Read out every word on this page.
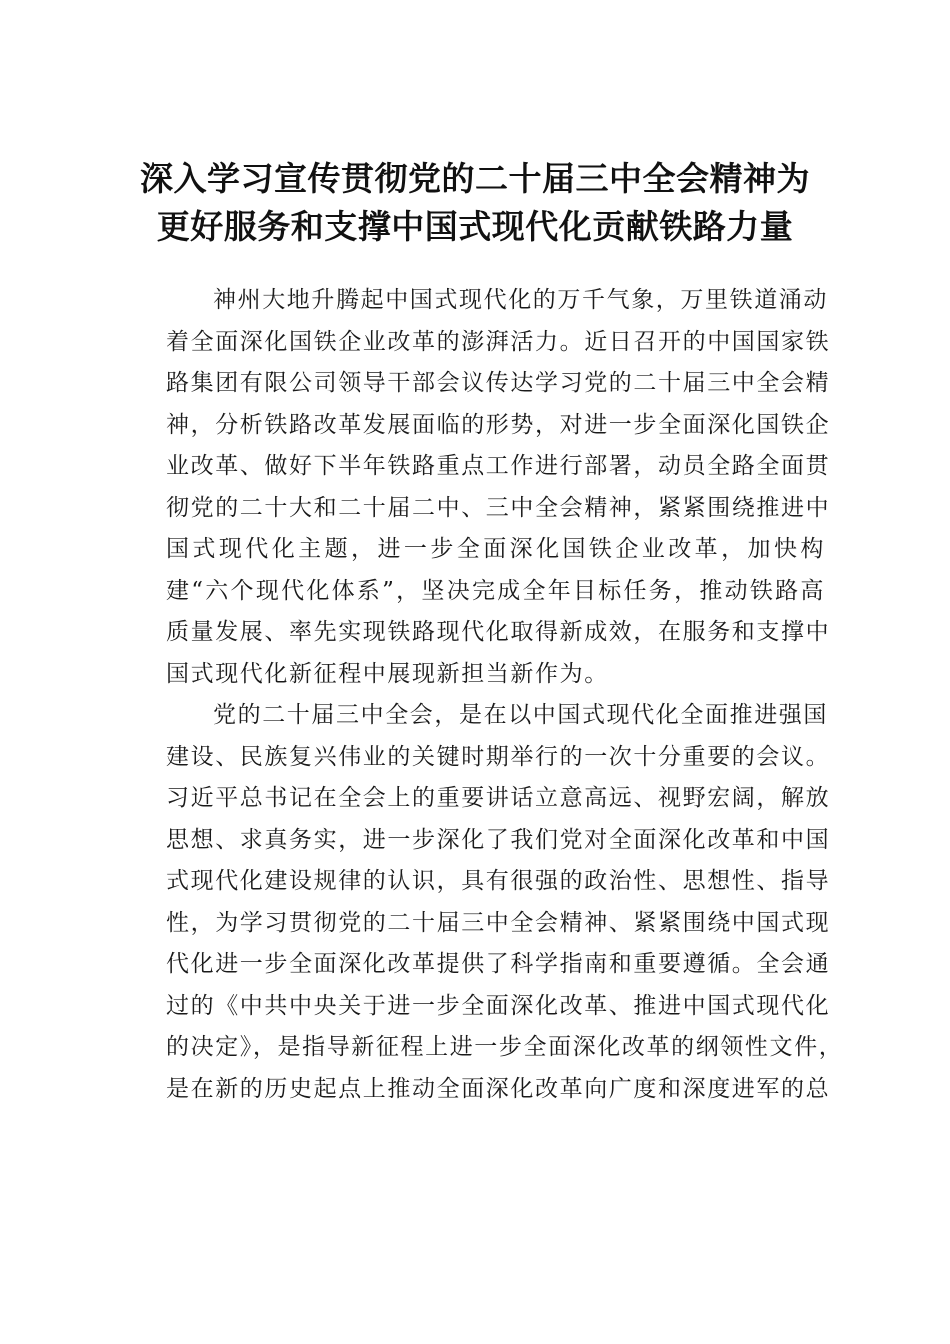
深入学习宣传贯彻党的二十届三中全会精神为
更好服务和支撑中国式现代化贡献铁路力量
神州大地升腾起中国式现代化的万千气象，万里铁道涌动
着全面深化国铁企业改革的澎湃活力。近日召开的中国国家铁
路集团有限公司领导干部会议传达学习党的二十届三中全会精
神，分析铁路改革发展面临的形势，对进一步全面深化国铁企
业改革、做好下半年铁路重点工作进行部署，动员全路全面贯
彻党的二十大和二十届二中、三中全会精神，紧紧围绕推进中
国式现代化主题，进一步全面深化国铁企业改革，加快构
建“六个现代化体系”，坚决完成全年目标任务，推动铁路高
质量发展、率先实现铁路现代化取得新成效，在服务和支撑中
国式现代化新征程中展现新担当新作为。
党的二十届三中全会，是在以中国式现代化全面推进强国
建设、民族复兴伟业的关键时期举行的一次十分重要的会议。
习近平总书记在全会上的重要讲话立意高远、视野宏阔，解放
思想、求真务实，进一步深化了我们党对全面深化改革和中国
式现代化建设规律的认识，具有很强的政治性、思想性、指导
性，为学习贯彻党的二十届三中全会精神、紧紧围绕中国式现
代化进一步全面深化改革提供了科学指南和重要遵循。全会通
过的《中共中央关于进一步全面深化改革、推进中国式现代化
的决定》，是指导新征程上进一步全面深化改革的纲领性文件，
是在新的历史起点上推动全面深化改革向广度和深度进军的总
